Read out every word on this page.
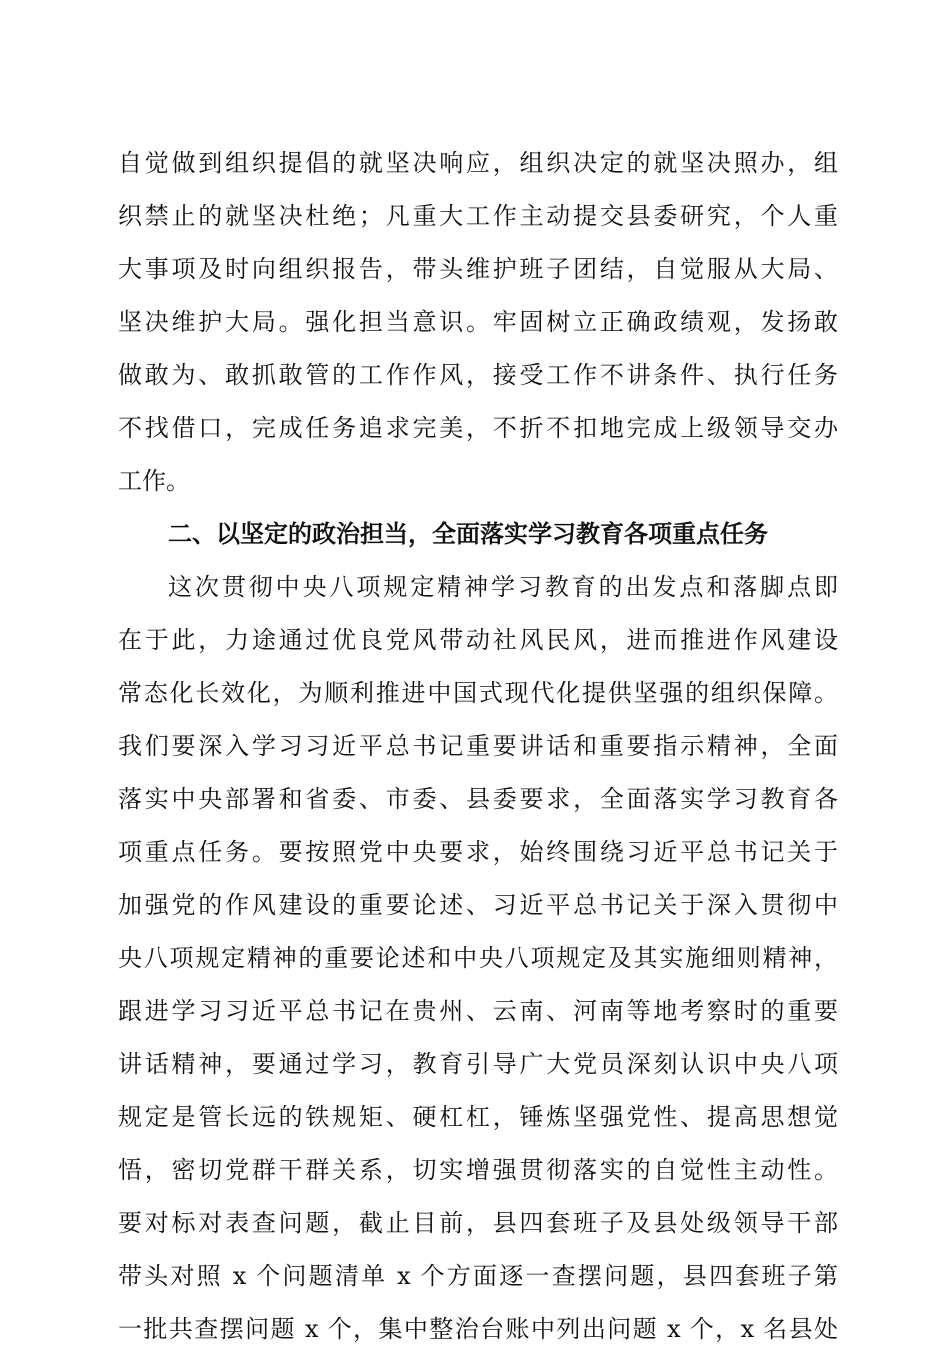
自觉做到组织提倡的就坚决响应，组织决定的就坚决照办，组
织禁止的就坚决杜绝；凡重大工作主动提交县委研究，个人重
大事项及时向组织报告，带头维护班子团结，自觉服从大局、
坚决维护大局。强化担当意识。牢固树立正确政绩观，发扬敢
做敢为、敢抓敢管的工作作风，接受工作不讲条件、执行任务
不找借口，完成任务追求完美，不折不扣地完成上级领导交办
工作。
二、以坚定的政治担当，全面落实学习教育各项重点任务
这次贯彻中央八项规定精神学习教育的出发点和落脚点即
在于此，力途通过优良党风带动社风民风，进而推进作风建设
常态化长效化，为顺利推进中国式现代化提供坚强的组织保障。
我们要深入学习习近平总书记重要讲话和重要指示精神，全面
落实中央部署和省委、市委、县委要求，全面落实学习教育各
项重点任务。要按照党中央要求，始终围绕习近平总书记关于
加强党的作风建设的重要论述、习近平总书记关于深入贯彻中
央八项规定精神的重要论述和中央八项规定及其实施细则精神，
跟进学习习近平总书记在贵州、云南、河南等地考察时的重要
讲话精神，要通过学习，教育引导广大党员深刻认识中央八项
规定是管长远的铁规矩、硬杠杠，锤炼坚强党性、提高思想觉
悟，密切党群干群关系，切实增强贯彻落实的自觉性主动性。
要对标对表查问题，截止目前，县四套班子及县处级领导干部
带头对照 x 个问题清单 x 个方面逐一查摆问题，县四套班子第
一批共查摆问题 x 个，集中整治台账中列出问题 x 个，x 名县处
